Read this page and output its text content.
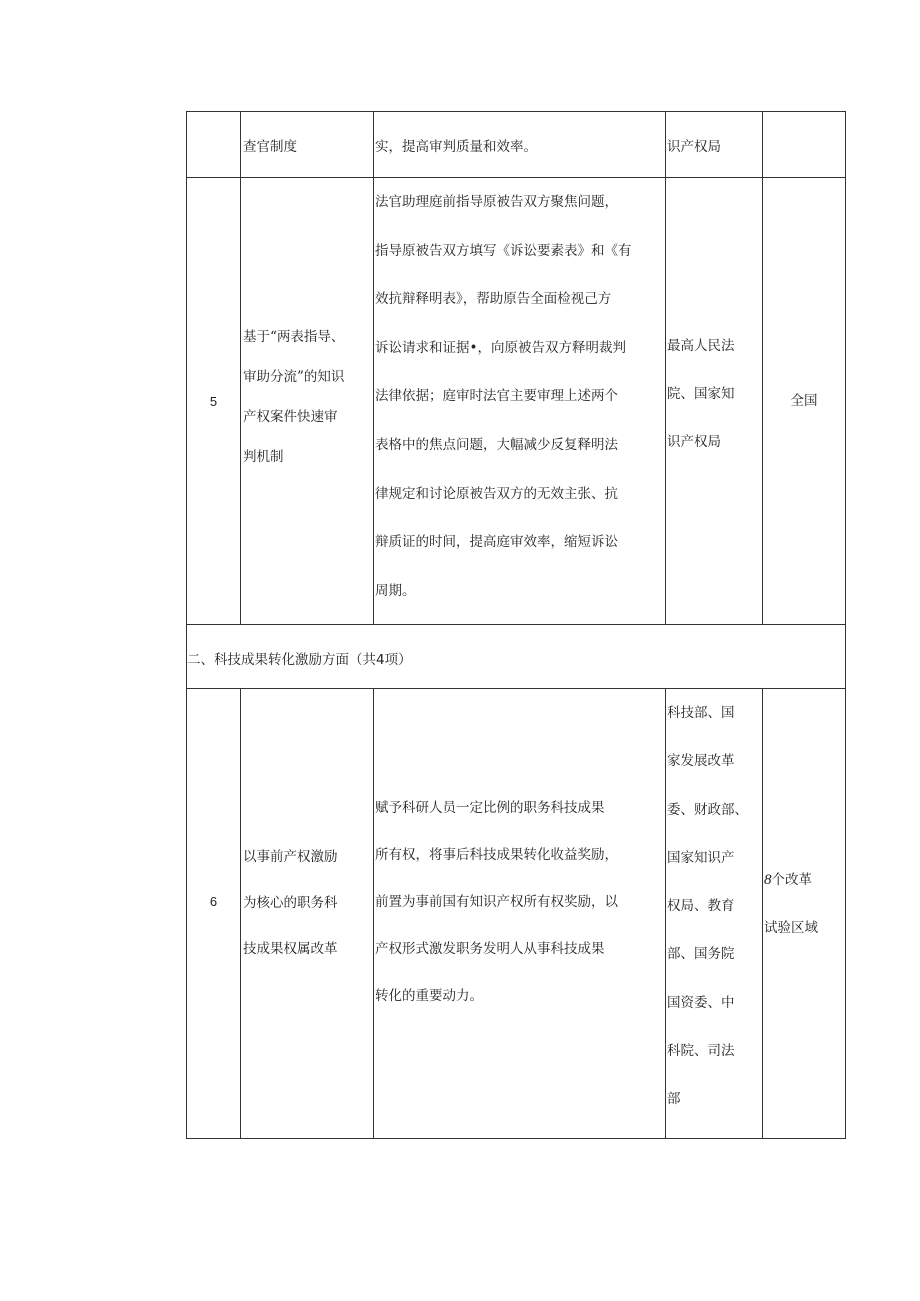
查官制度	实，提高审判质量和效率。	识产权局
5
基于“两表指导、
审助分流”的知识
产权案件快速审
判机制
法官助理庭前指导原被告双方聚焦问题，
指导原被告双方填写《诉讼要素表》和《有
效抗辩释明表》，帮助原告全面检视己方
诉讼请求和证据•，向原被告双方释明裁判
法律依据；庭审时法官主要审理上述两个
表格中的焦点问题，大幅减少反复释明法
律规定和讨论原被告双方的无效主张、抗
辩质证的时间，提高庭审效率，缩短诉讼
周期。
最高人民法
院、国家知
识产权局
全国
二、科技成果转化激励方面（共4项）
6
以事前产权激励
为核心的职务科
技成果权属改革
赋予科研人员一定比例的职务科技成果
所有权，将事后科技成果转化收益奖励，
前置为事前国有知识产权所有权奖励，以
产权形式激发职务发明人从事科技成果
转化的重要动力。
科技部、国
家发展改革
委、财政部、
国家知识产
权局、教育
部、国务院
国资委、中
科院、司法
部
8个改革
试验区域
